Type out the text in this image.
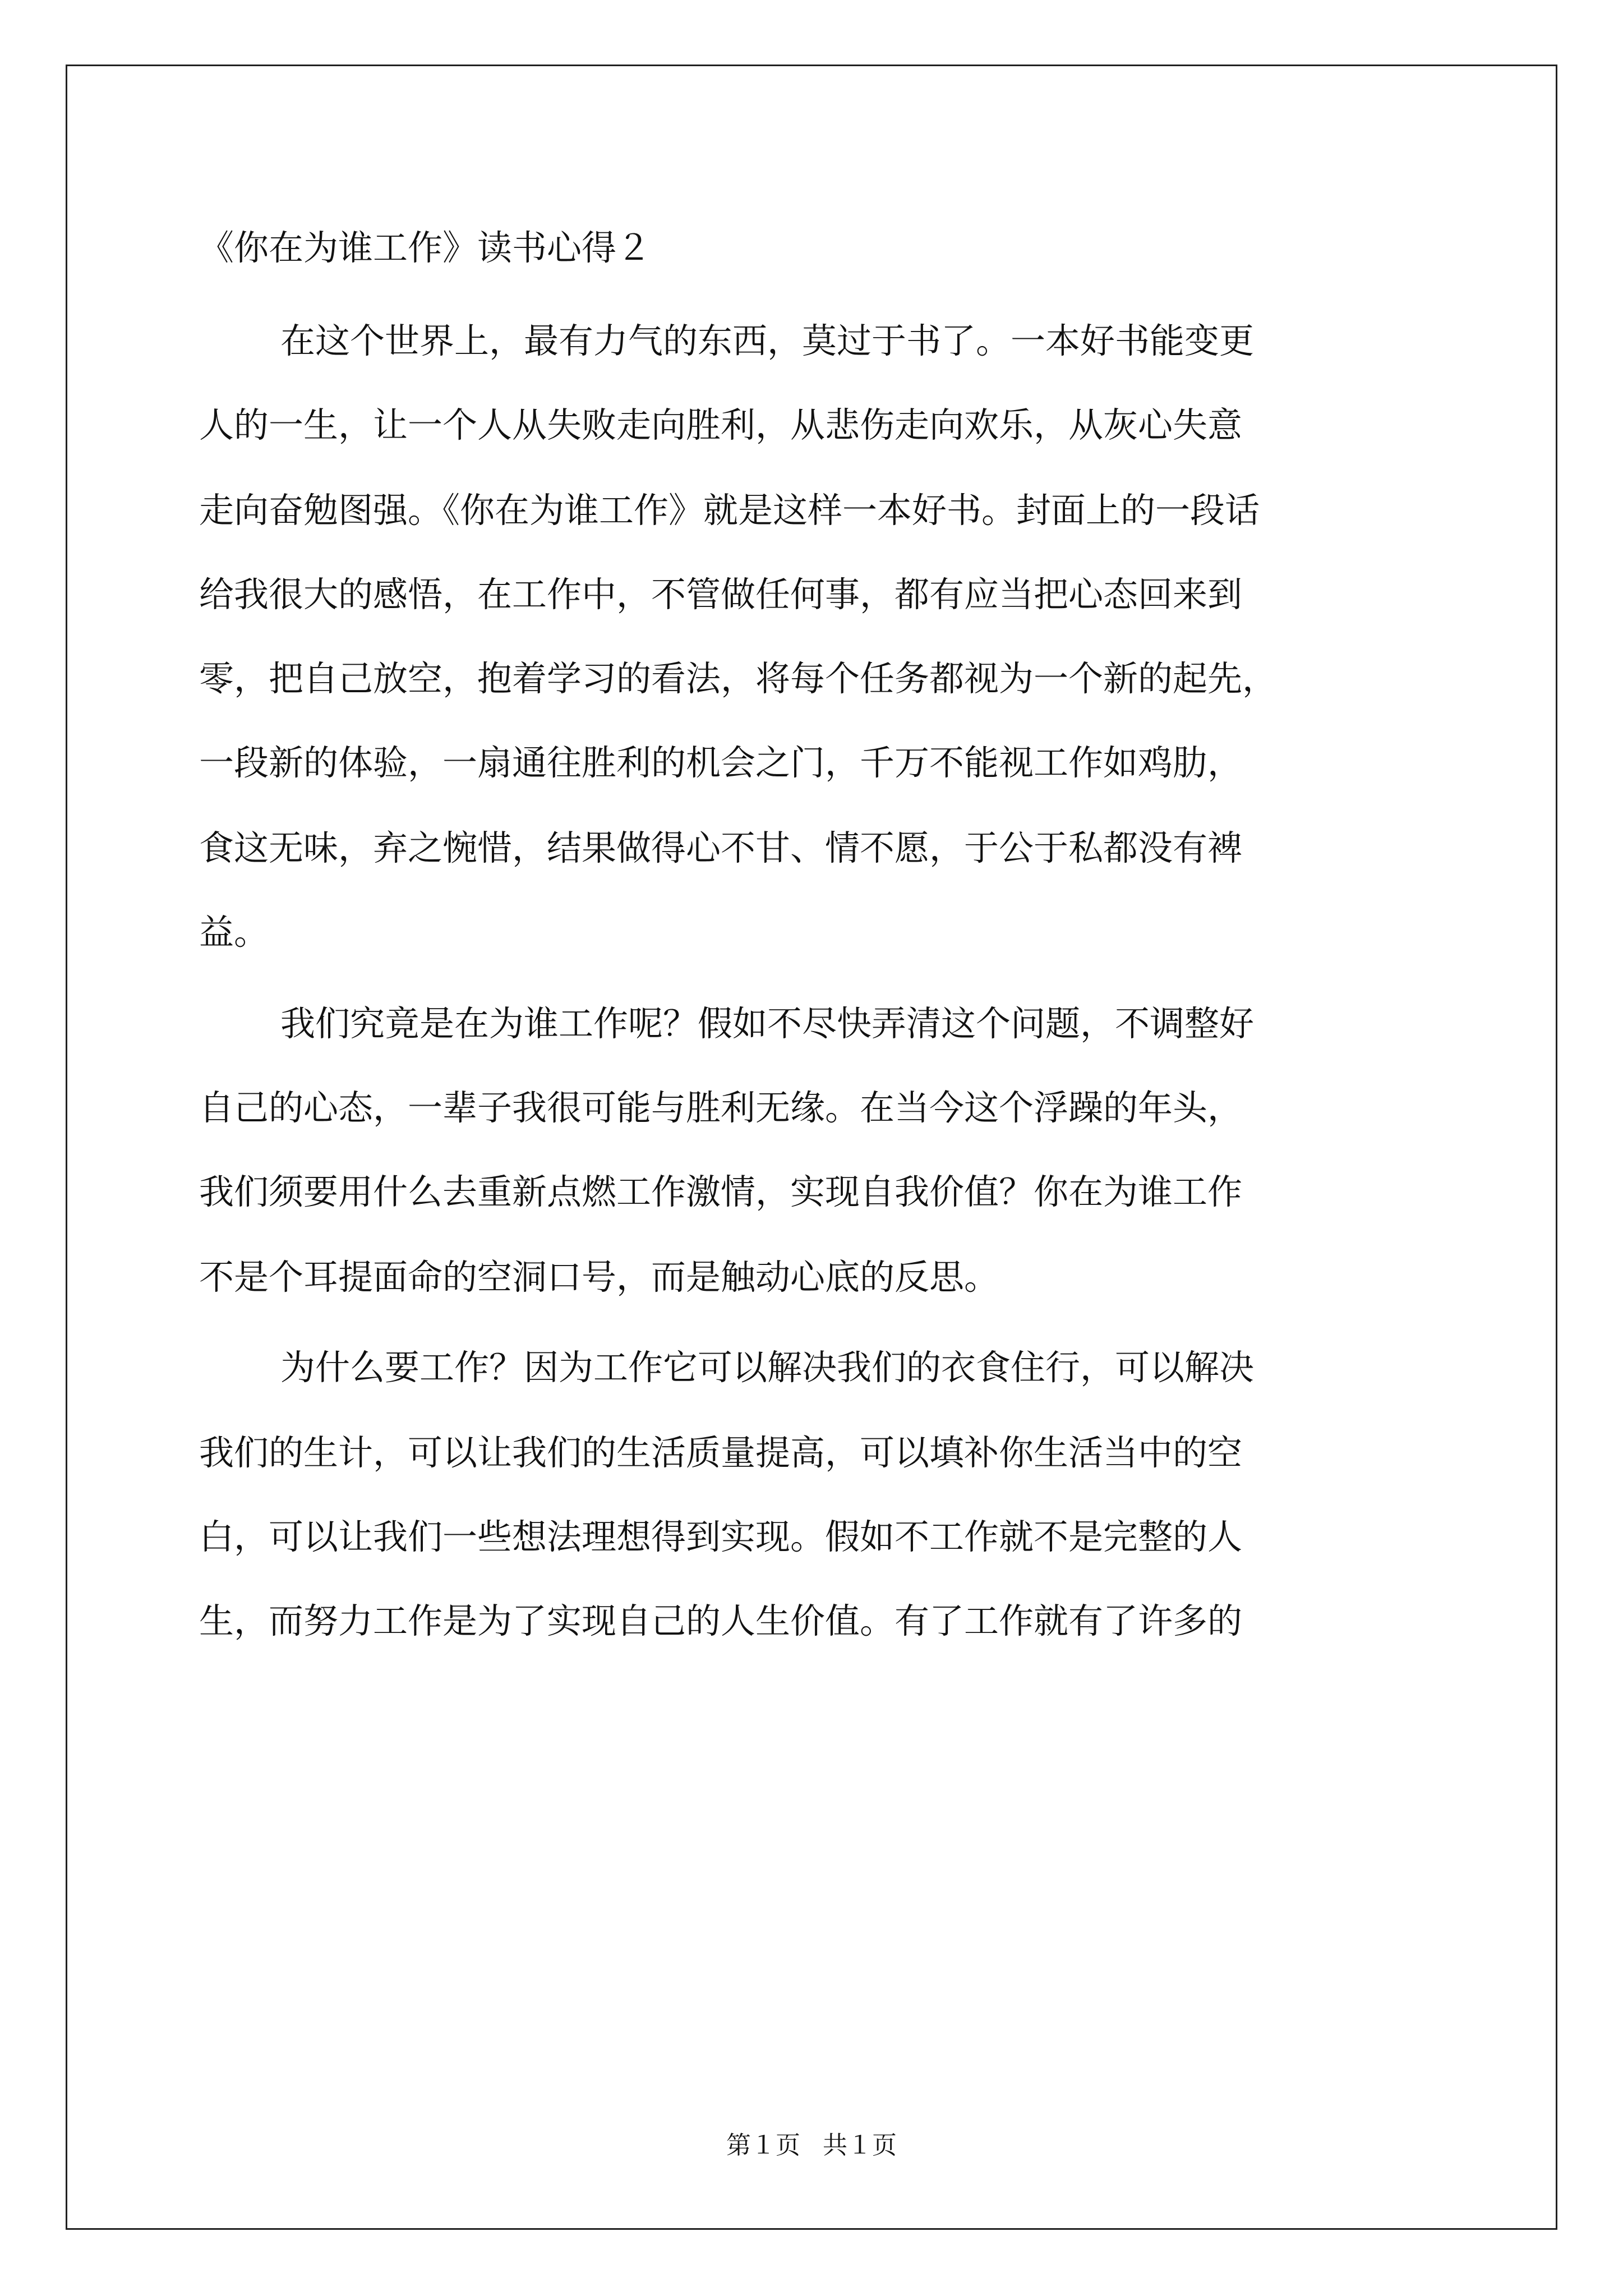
《你在为谁工作》读书心得２

在这个世界上，最有力气的东西，莫过于书了。一本好书能变更

人的一生，让一个人从失败走向胜利，从悲伤走向欢乐，从灰心失意

走向奋勉图强。《你在为谁工作》就是这样一本好书。封面上的一段话

给我很大的感悟，在工作中，不管做任何事，都有应当把心态回来到

零，把自己放空，抱着学习的看法，将每个任务都视为一个新的起先，

一段新的体验，一扇通往胜利的机会之门，千万不能视工作如鸡肋，

食这无味，弃之惋惜，结果做得心不甘、情不愿，于公于私都没有裨

益。

我们究竟是在为谁工作呢？假如不尽快弄清这个问题，不调整好

自己的心态，一辈子我很可能与胜利无缘。在当今这个浮躁的年头，

我们须要用什么去重新点燃工作激情，实现自我价值？你在为谁工作

不是个耳提面命的空洞口号，而是触动心底的反思。

为什么要工作？因为工作它可以解决我们的衣食住行，可以解决

我们的生计，可以让我们的生活质量提高，可以填补你生活当中的空

白，可以让我们一些想法理想得到实现。假如不工作就不是完整的人

生，而努力工作是为了实现自己的人生价值。有了工作就有了许多的

第１页 共１页
